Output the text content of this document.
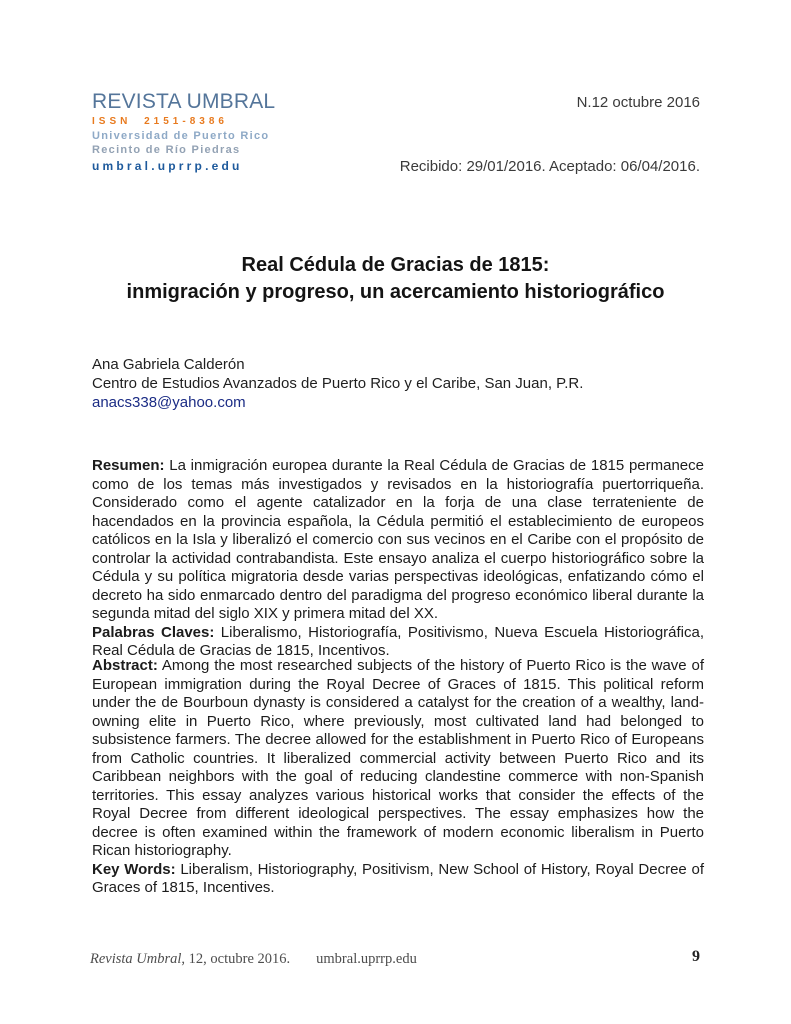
REVISTA UMBRAL
ISSN 2151-8386
Universidad de Puerto Rico
Recinto de Río Piedras
umbral.uprrp.edu
N.12 octubre 2016
Recibido: 29/01/2016. Aceptado: 06/04/2016.
Real Cédula de Gracias de 1815:
inmigración y progreso, un acercamiento historiográfico
Ana Gabriela Calderón
Centro de Estudios Avanzados de Puerto Rico y el Caribe, San Juan, P.R.
anacs338@yahoo.com
Resumen: La inmigración europea durante la Real Cédula de Gracias de 1815 permanece como de los temas más investigados y revisados en la historiografía puertorriqueña. Considerado como el agente catalizador en la forja de una clase terrateniente de hacendados en la provincia española, la Cédula permitió el establecimiento de europeos católicos en la Isla y liberalizó el comercio con sus vecinos en el Caribe con el propósito de controlar la actividad contrabandista. Este ensayo analiza el cuerpo historiográfico sobre la Cédula y su política migratoria desde varias perspectivas ideológicas, enfatizando cómo el decreto ha sido enmarcado dentro del paradigma del progreso económico liberal durante la segunda mitad del siglo XIX y primera mitad del XX.
Palabras Claves: Liberalismo, Historiografía, Positivismo, Nueva Escuela Historiográfica, Real Cédula de Gracias de 1815, Incentivos.
Abstract: Among the most researched subjects of the history of Puerto Rico is the wave of European immigration during the Royal Decree of Graces of 1815. This political reform under the de Bourboun dynasty is considered a catalyst for the creation of a wealthy, land-owning elite in Puerto Rico, where previously, most cultivated land had belonged to subsistence farmers. The decree allowed for the establishment in Puerto Rico of Europeans from Catholic countries. It liberalized commercial activity between Puerto Rico and its Caribbean neighbors with the goal of reducing clandestine commerce with non-Spanish territories. This essay analyzes various historical works that consider the effects of the Royal Decree from different ideological perspectives. The essay emphasizes how the decree is often examined within the framework of modern economic liberalism in Puerto Rican historiography.
Key Words: Liberalism, Historiography, Positivism, New School of History, Royal Decree of Graces of 1815, Incentives.
Revista Umbral, 12, octubre 2016. umbral.uprrp.edu	9
